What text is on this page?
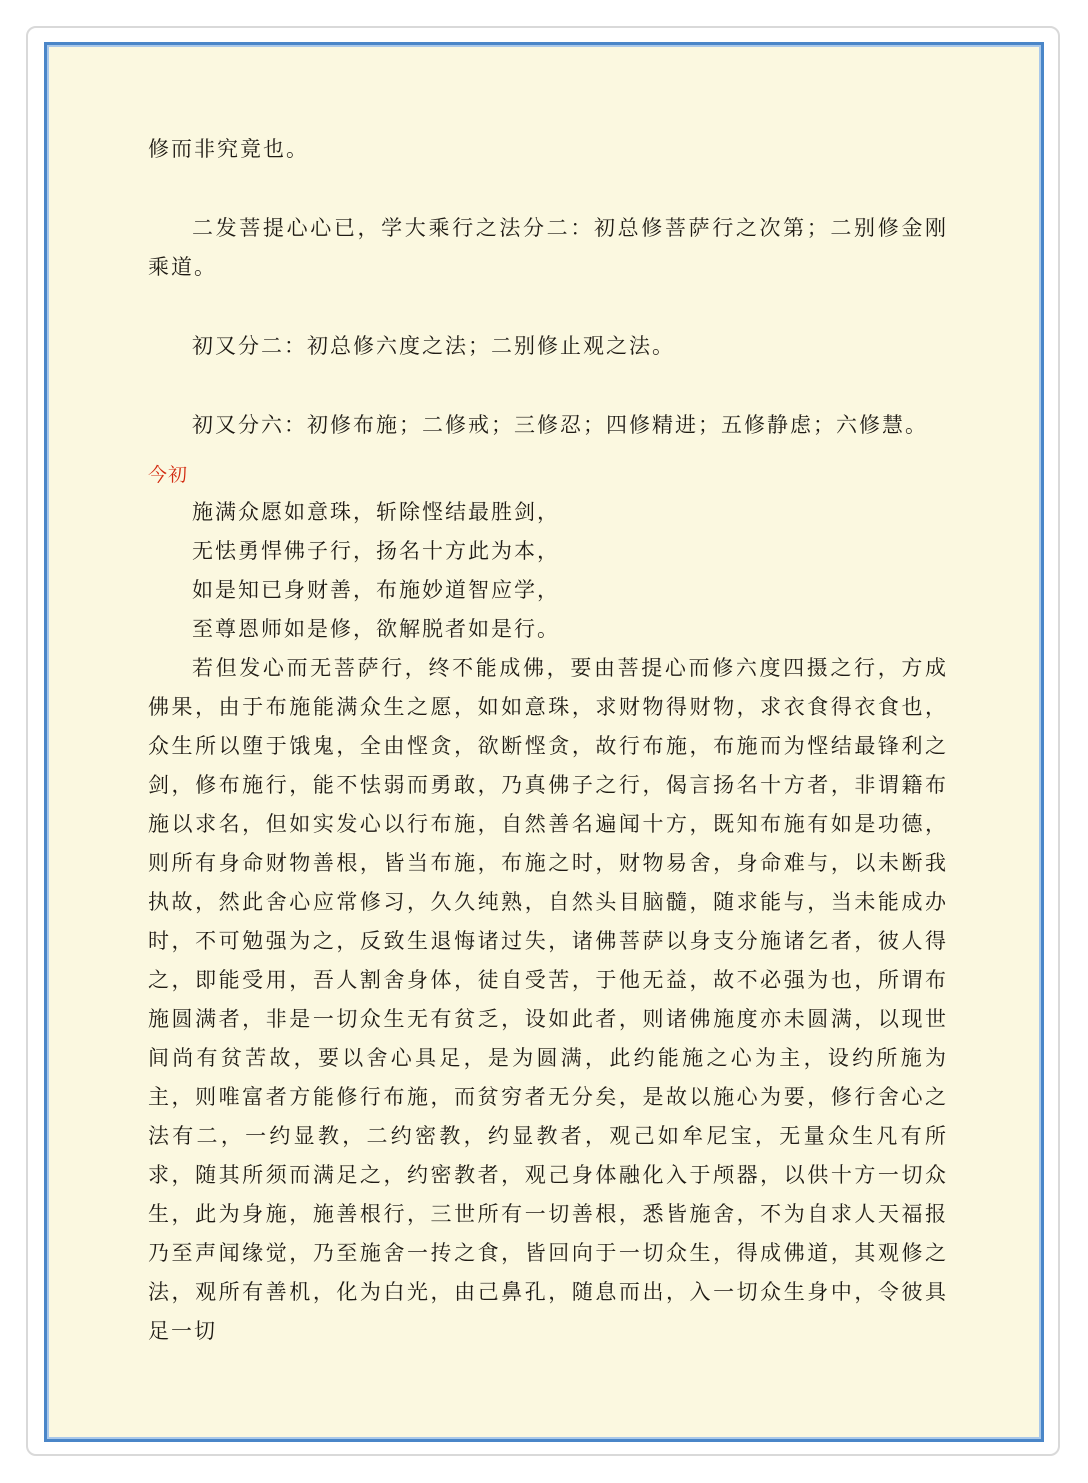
修而非究竟也。

二发菩提心心已，学大乘行之法分二：初总修菩萨行之次第；二别修金刚乘道。

初又分二：初总修六度之法；二别修止观之法。

初又分六：初修布施；二修戒；三修忍；四修精进；五修静虑；六修慧。

今初

施满众愿如意珠，斩除悭结最胜剑，

无怯勇悍佛子行，扬名十方此为本，

如是知已身财善，布施妙道智应学，

至尊恩师如是修，欲解脱者如是行。

若但发心而无菩萨行，终不能成佛，要由菩提心而修六度四摄之行，方成佛果，由于布施能满众生之愿，如如意珠，求财物得财物，求衣食得衣食也，众生所以堕于饿鬼，全由悭贪，欲断悭贪，故行布施，布施而为悭结最锋利之剑，修布施行，能不怯弱而勇敢，乃真佛子之行，偈言扬名十方者，非谓籍布施以求名，但如实发心以行布施，自然善名遍闻十方，既知布施有如是功德，则所有身命财物善根，皆当布施，布施之时，财物易舍，身命难与，以未断我执故，然此舍心应常修习，久久纯熟，自然头目脑髓，随求能与，当未能成办时，不可勉强为之，反致生退悔诸过失，诸佛菩萨以身支分施诸乞者，彼人得之，即能受用，吾人割舍身体，徒自受苦，于他无益，故不必强为也，所谓布施圆满者，非是一切众生无有贫乏，设如此者，则诸佛施度亦未圆满，以现世间尚有贫苦故，要以舍心具足，是为圆满，此约能施之心为主，设约所施为主，则唯富者方能修行布施，而贫穷者无分矣，是故以施心为要，修行舍心之法有二，一约显教，二约密教，约显教者，观己如牟尼宝，无量众生凡有所求，随其所须而满足之，约密教者，观己身体融化入于颅器，以供十方一切众生，此为身施，施善根行，三世所有一切善根，悉皆施舍，不为自求人天福报乃至声闻缘觉，乃至施舍一抟之食，皆回向于一切众生，得成佛道，其观修之法，观所有善机，化为白光，由己鼻孔，随息而出，入一切众生身中，令彼具足一切
